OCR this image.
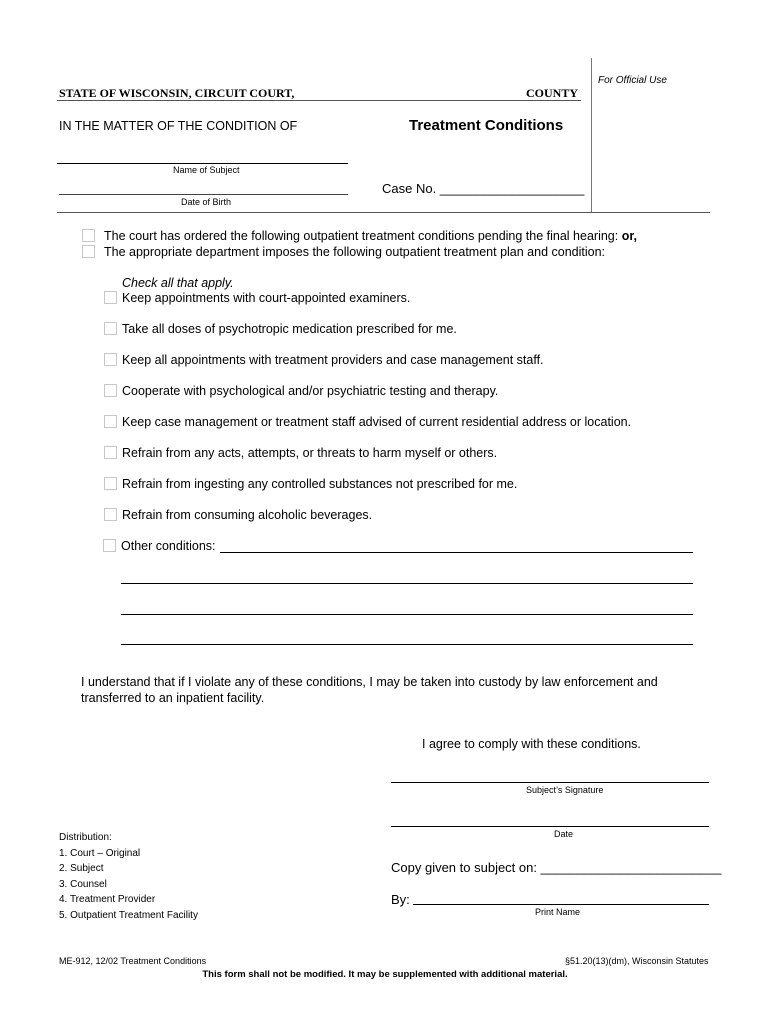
For Official Use
STATE OF WISCONSIN, CIRCUIT COURT,	COUNTY
IN THE MATTER OF THE CONDITION OF	Treatment Conditions
Name of Subject
Date of Birth
Case No. ____________________
The court has ordered the following outpatient treatment conditions pending the final hearing: or,
The appropriate department imposes the following outpatient treatment plan and condition:
Check all that apply.
Keep appointments with court-appointed examiners.
Take all doses of psychotropic medication prescribed for me.
Keep all appointments with treatment providers and case management staff.
Cooperate with psychological and/or psychiatric testing and therapy.
Keep case management or treatment staff advised of current residential address or location.
Refrain from any acts, attempts, or threats to harm myself or others.
Refrain from ingesting any controlled substances not prescribed for me.
Refrain from consuming alcoholic beverages.
Other conditions:
I understand that if I violate any of these conditions, I may be taken into custody by law enforcement and
transferred to an inpatient facility.
I agree to comply with these conditions.
Subject’s Signature
Date
Copy given to subject on: _________________________
By:
Print Name
Distribution:
1. Court – Original
2. Subject
3. Counsel
4. Treatment Provider
5. Outpatient Treatment Facility
ME-912, 12/02 Treatment Conditions	§51.20(13)(dm), Wisconsin Statutes
This form shall not be modified. It may be supplemented with additional material.
